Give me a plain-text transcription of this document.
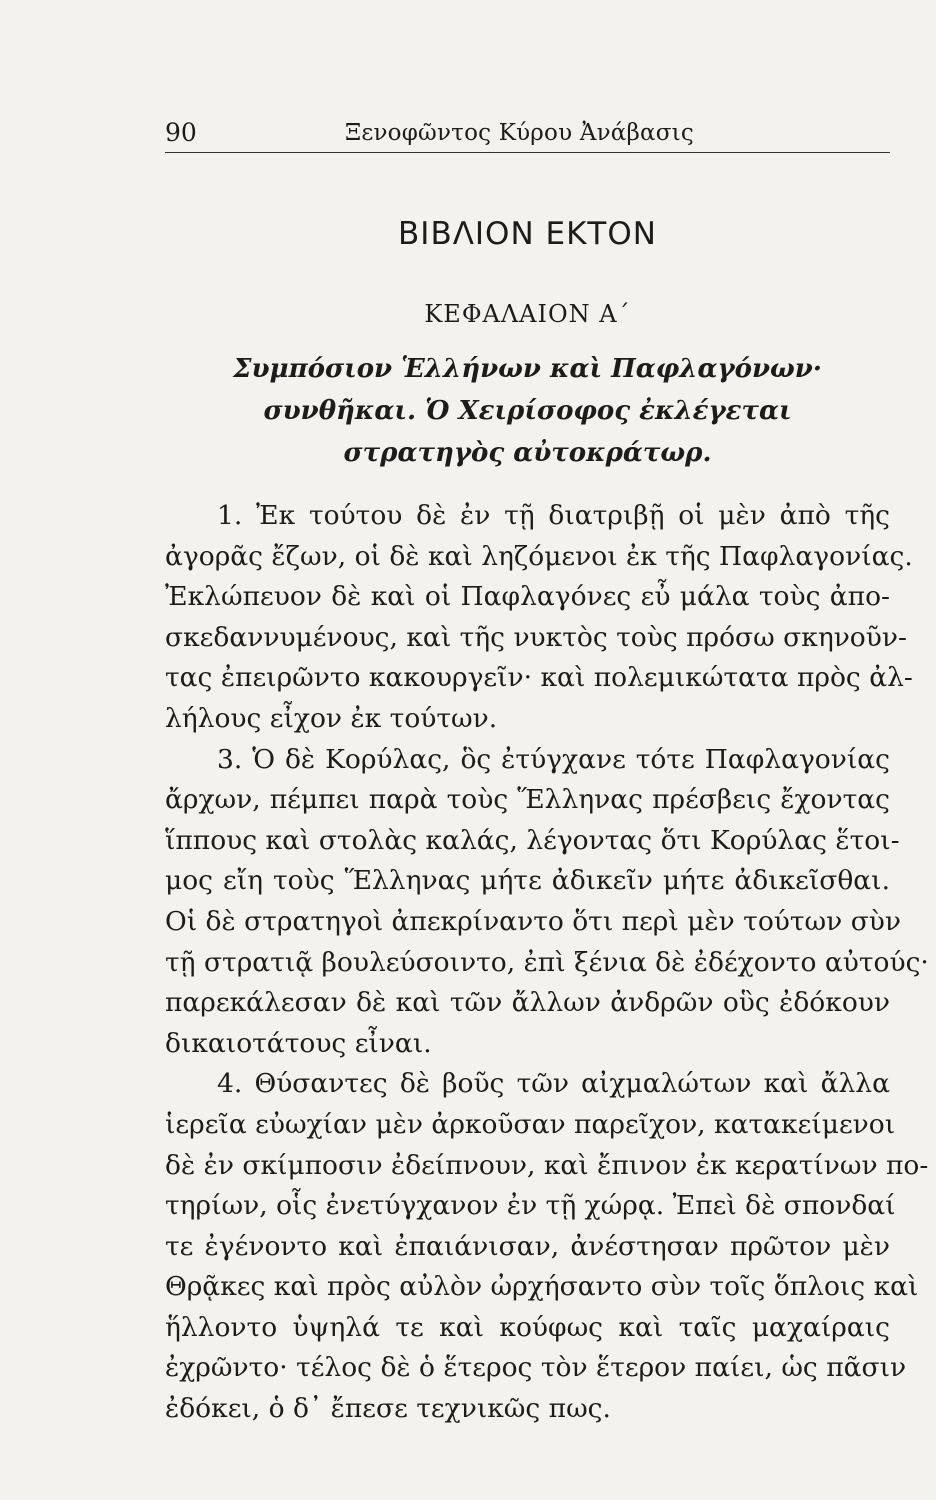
90	Ξενοφῶντος Κύρου Ἀνάβασις
ΒΙΒΛΙΟΝ ΕΚΤΟΝ
ΚΕΦΑΛΑΙΟΝ Α΄
Συμπόσιον Ἑλλήνων καὶ Παφλαγόνων·
συνθῆκαι. Ὁ Χειρίσοφος ἐκλέγεται
στρατηγὸς αὐτοκράτωρ.
1. Ἐκ τούτου δὲ ἐν τῇ διατριβῇ οἱ μὲν ἀπὸ τῆς
ἀγορᾶς ἔζων, οἱ δὲ καὶ ληζόμενοι ἐκ τῆς Παφλαγονίας.
Ἐκλώπευον δὲ καὶ οἱ Παφλαγόνες εὖ μάλα τοὺς ἀπο-
σκεδαννυμένους, καὶ τῆς νυκτὸς τοὺς πρόσω σκηνοῦν-
τας ἐπειρῶντο κακουργεῖν· καὶ πολεμικώτατα πρὸς ἀλ-
λήλους εἶχον ἐκ τούτων.
3. Ὁ δὲ Κορύλας, ὃς ἐτύγχανε τότε Παφλαγονίας
ἄρχων, πέμπει παρὰ τοὺς Ἕλληνας πρέσβεις ἔχοντας
ἵππους καὶ στολὰς καλάς, λέγοντας ὅτι Κορύλας ἕτοι-
μος εἴη τοὺς Ἕλληνας μήτε ἀδικεῖν μήτε ἀδικεῖσθαι.
Οἱ δὲ στρατηγοὶ ἀπεκρίναντο ὅτι περὶ μὲν τούτων σὺν
τῇ στρατιᾷ βουλεύσοιντο, ἐπὶ ξένια δὲ ἐδέχοντο αὐτούς·
παρεκάλεσαν δὲ καὶ τῶν ἄλλων ἀνδρῶν οὓς ἐδόκουν
δικαιοτάτους εἶναι.
4. Θύσαντες δὲ βοῦς τῶν αἰχμαλώτων καὶ ἄλλα
ἱερεῖα εὐωχίαν μὲν ἀρκοῦσαν παρεῖχον, κατακείμενοι
δὲ ἐν σκίμποσιν ἐδείπνουν, καὶ ἔπινον ἐκ κερατίνων πο-
τηρίων, οἷς ἐνετύγχανον ἐν τῇ χώρᾳ. Ἐπεὶ δὲ σπονδαί
τε ἐγένοντο καὶ ἐπαιάνισαν, ἀνέστησαν πρῶτον μὲν
Θρᾷκες καὶ πρὸς αὐλὸν ὠρχήσαντο σὺν τοῖς ὅπλοις καὶ
ἥλλοντο ὑψηλά τε καὶ κούφως καὶ ταῖς μαχαίραις
ἐχρῶντο· τέλος δὲ ὁ ἕτερος τὸν ἕτερον παίει, ὡς πᾶσιν
ἐδόκει, ὁ δ᾽ ἔπεσε τεχνικῶς πως.
